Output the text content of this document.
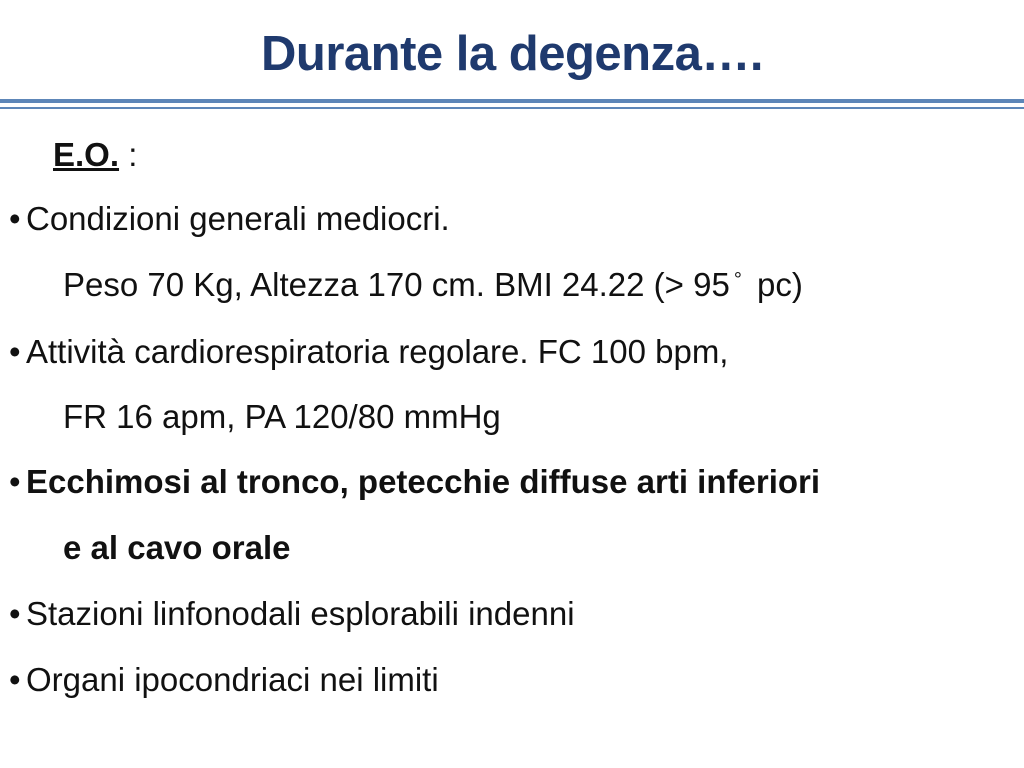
Durante la degenza….
E.O. :
• Condizioni generali mediocri.
Peso 70 Kg, Altezza 170 cm. BMI 24.22 (> 95 ° pc)
• Attività cardiorespiratoria regolare. FC 100 bpm,
FR 16 apm, PA 120/80 mmHg
• Ecchimosi al tronco, petecchie diffuse arti inferiori
e al cavo orale
• Stazioni linfonodali esplorabili indenni
• Organi ipocondriaci nei limiti
